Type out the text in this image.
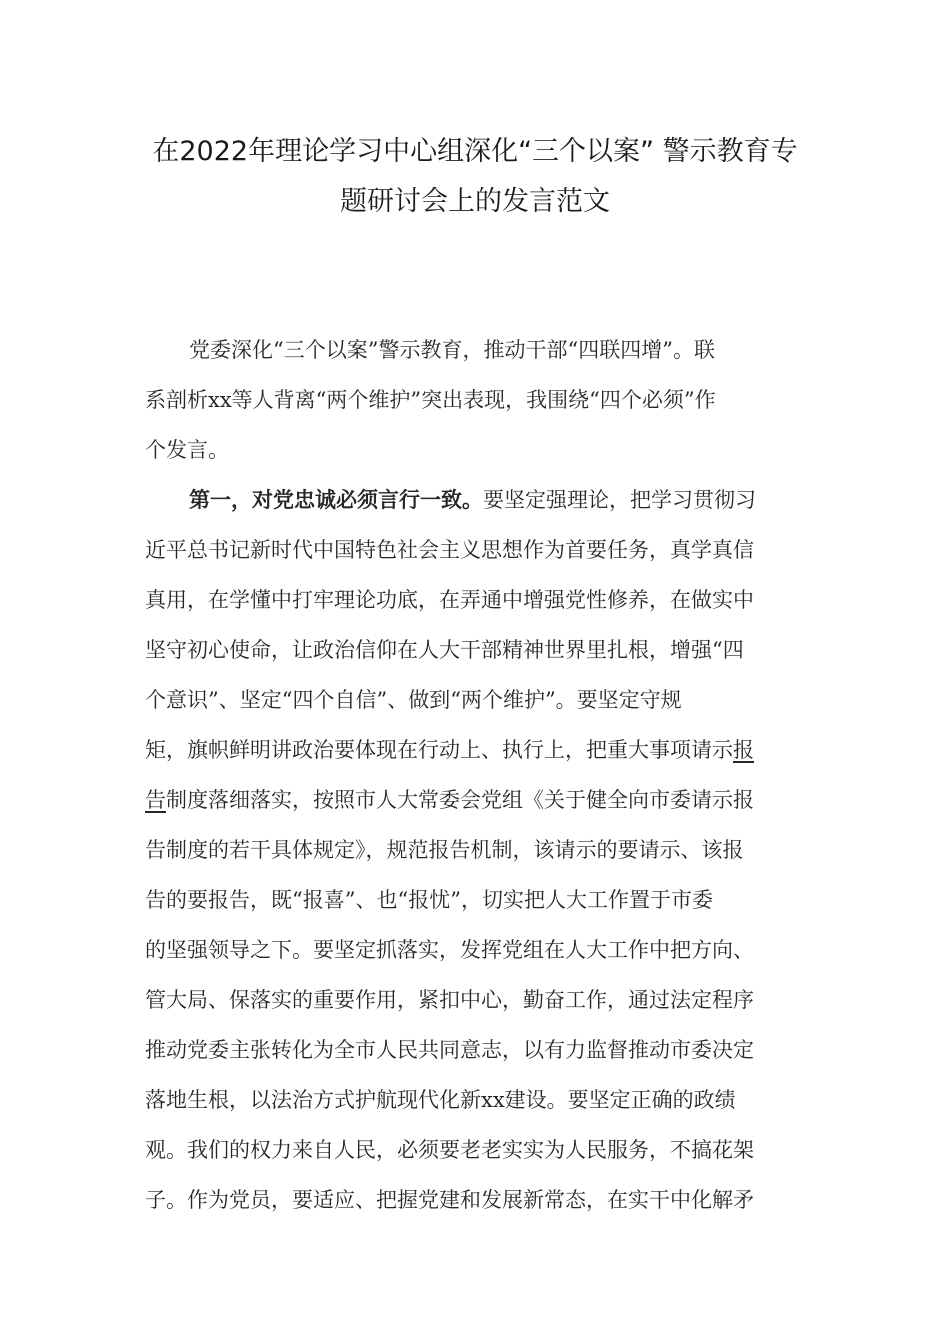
在2022年理论学习中心组深化“三个以案” 警示教育专
题研讨会上的发言范文
党委深化“三个以案”警示教育，推动干部“四联四增”。联
系剖析xx等人背离“两个维护”突出表现，我围绕“四个必须”作
个发言。
第一，对党忠诚必须言行一致。要坚定强理论，把学习贯彻习
近平总书记新时代中国特色社会主义思想作为首要任务，真学真信
真用，在学懂中打牢理论功底，在弄通中增强党性修养，在做实中
坚守初心使命，让政治信仰在人大干部精神世界里扎根，增强“四
个意识”、坚定“四个自信”、做到“两个维护”。要坚定守规
矩，旗帜鲜明讲政治要体现在行动上、执行上，把重大事项请示报
告制度落细落实，按照市人大常委会党组《关于健全向市委请示报
告制度的若干具体规定》，规范报告机制，该请示的要请示、该报
告的要报告，既“报喜”、也“报忧”，切实把人大工作置于市委
的坚强领导之下。要坚定抓落实，发挥党组在人大工作中把方向、
管大局、保落实的重要作用，紧扣中心，勤奋工作，通过法定程序
推动党委主张转化为全市人民共同意志，以有力监督推动市委决定
落地生根，以法治方式护航现代化新xx建设。要坚定正确的政绩
观。我们的权力来自人民，必须要老老实实为人民服务，不搞花架
子。作为党员，要适应、把握党建和发展新常态，在实干中化解矛
